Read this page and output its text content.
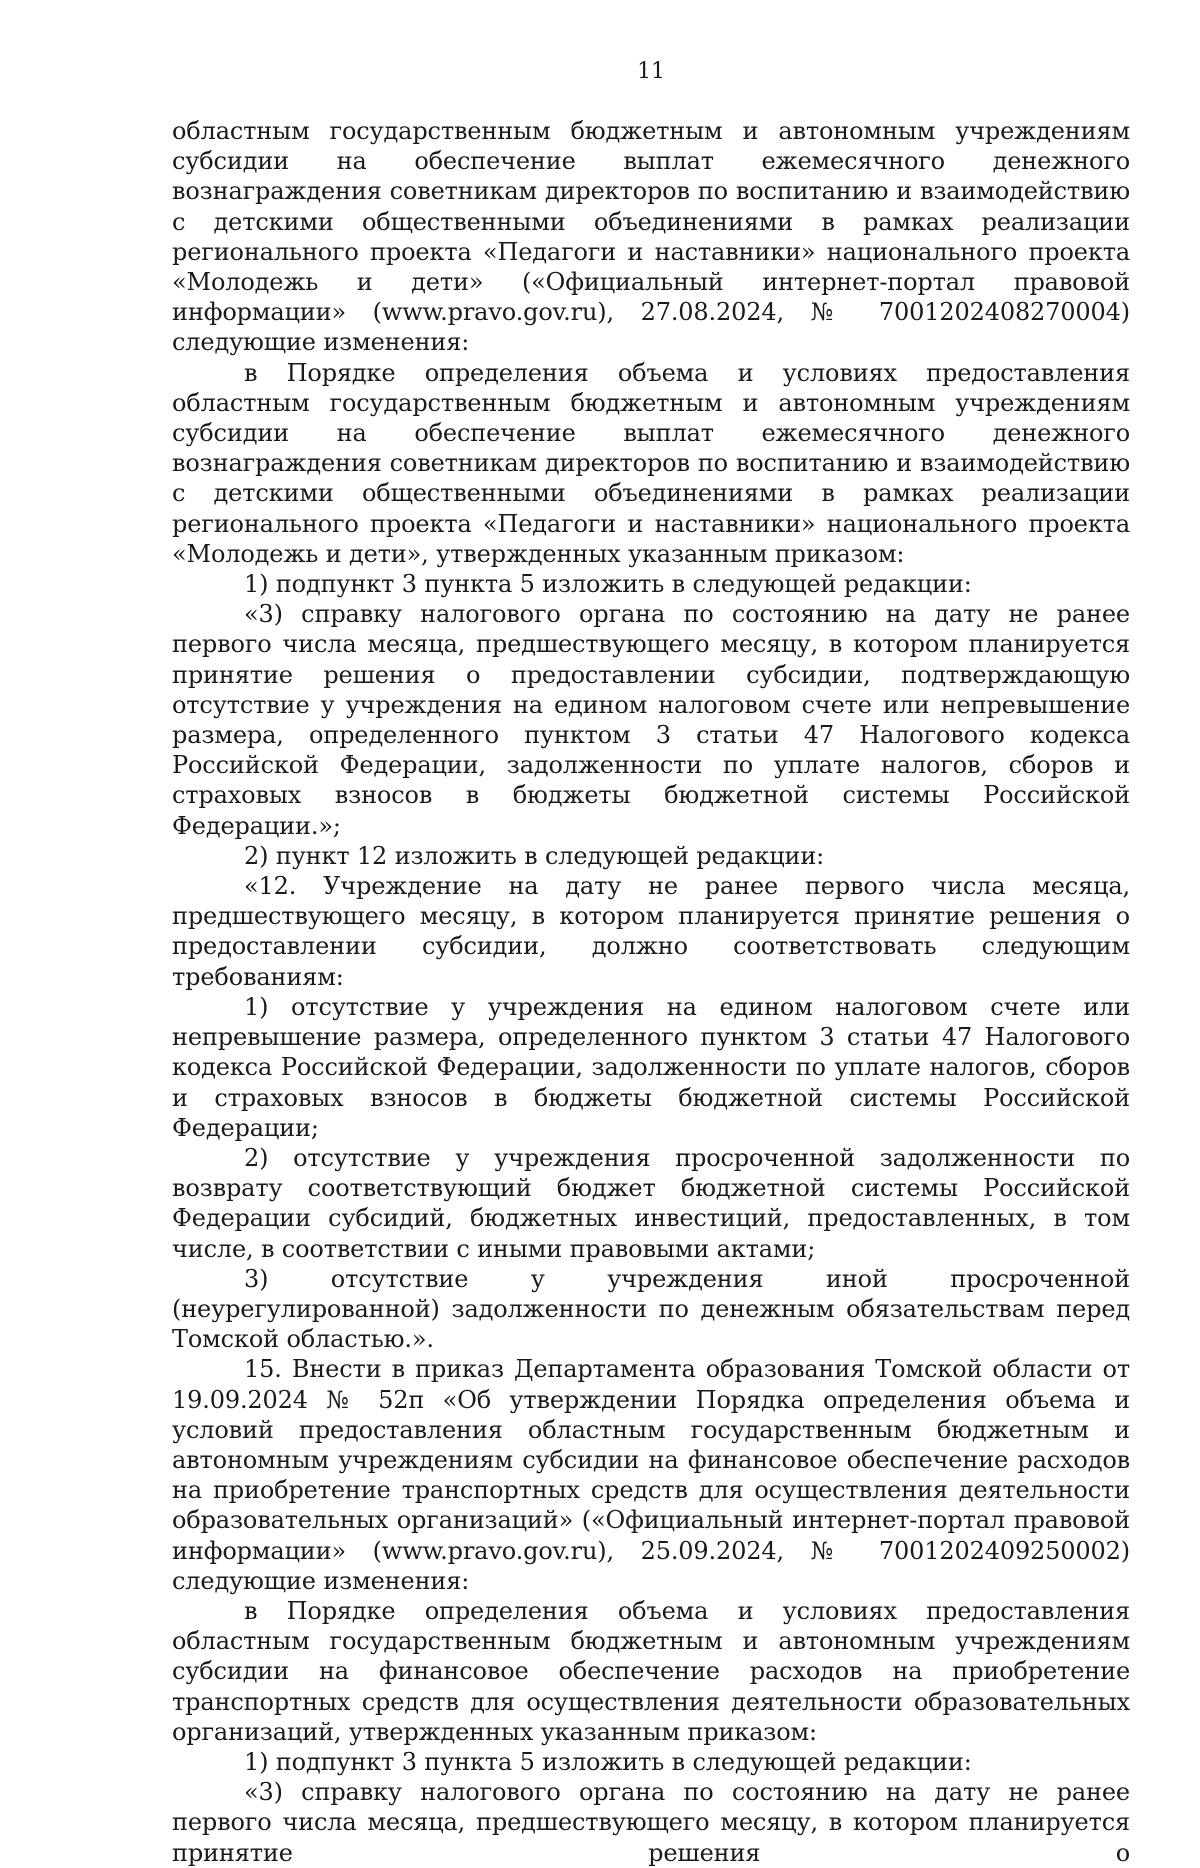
11

областным государственным бюджетным и автономным учреждениям субсидии на обеспечение выплат ежемесячного денежного вознаграждения советникам директоров по воспитанию и взаимодействию с детскими общественными объединениями в рамках реализации регионального проекта «Педагоги и наставники» национального проекта «Молодежь и дети» («Официальный интернет-портал правовой информации» (www.pravo.gov.ru), 27.08.2024, № 7001202408270004) следующие изменения:

в Порядке определения объема и условиях предоставления областным государственным бюджетным и автономным учреждениям субсидии на обеспечение выплат ежемесячного денежного вознаграждения советникам директоров по воспитанию и взаимодействию с детскими общественными объединениями в рамках реализации регионального проекта «Педагоги и наставники» национального проекта «Молодежь и дети», утвержденных указанным приказом:

1) подпункт 3 пункта 5 изложить в следующей редакции:

«3) справку налогового органа по состоянию на дату не ранее первого числа месяца, предшествующего месяцу, в котором планируется принятие решения о предоставлении субсидии, подтверждающую отсутствие у учреждения на едином налоговом счете или непревышение размера, определенного пунктом 3 статьи 47 Налогового кодекса Российской Федерации, задолженности по уплате налогов, сборов и страховых взносов в бюджеты бюджетной системы Российской Федерации.»;

2) пункт 12 изложить в следующей редакции:

«12. Учреждение на дату не ранее первого числа месяца, предшествующего месяцу, в котором планируется принятие решения о предоставлении субсидии, должно соответствовать следующим требованиям:

1) отсутствие у учреждения на едином налоговом счете или непревышение размера, определенного пунктом 3 статьи 47 Налогового кодекса Российской Федерации, задолженности по уплате налогов, сборов и страховых взносов в бюджеты бюджетной системы Российской Федерации;

2) отсутствие у учреждения просроченной задолженности по возврату соответствующий бюджет бюджетной системы Российской Федерации субсидий, бюджетных инвестиций, предоставленных, в том числе, в соответствии с иными правовыми актами;

3) отсутствие у учреждения иной просроченной (неурегулированной) задолженности по денежным обязательствам перед Томской областью.».

15. Внести в приказ Департамента образования Томской области от 19.09.2024 № 52п «Об утверждении Порядка определения объема и условий предоставления областным государственным бюджетным и автономным учреждениям субсидии на финансовое обеспечение расходов на приобретение транспортных средств для осуществления деятельности образовательных организаций» («Официальный интернет-портал правовой информации» (www.pravo.gov.ru), 25.09.2024, № 7001202409250002) следующие изменения:

в Порядке определения объема и условиях предоставления областным государственным бюджетным и автономным учреждениям субсидии на финансовое обеспечение расходов на приобретение транспортных средств для осуществления деятельности образовательных организаций, утвержденных указанным приказом:

1) подпункт 3 пункта 5 изложить в следующей редакции:

«3) справку налогового органа по состоянию на дату не ранее первого числа месяца, предшествующего месяцу, в котором планируется принятие решения о
